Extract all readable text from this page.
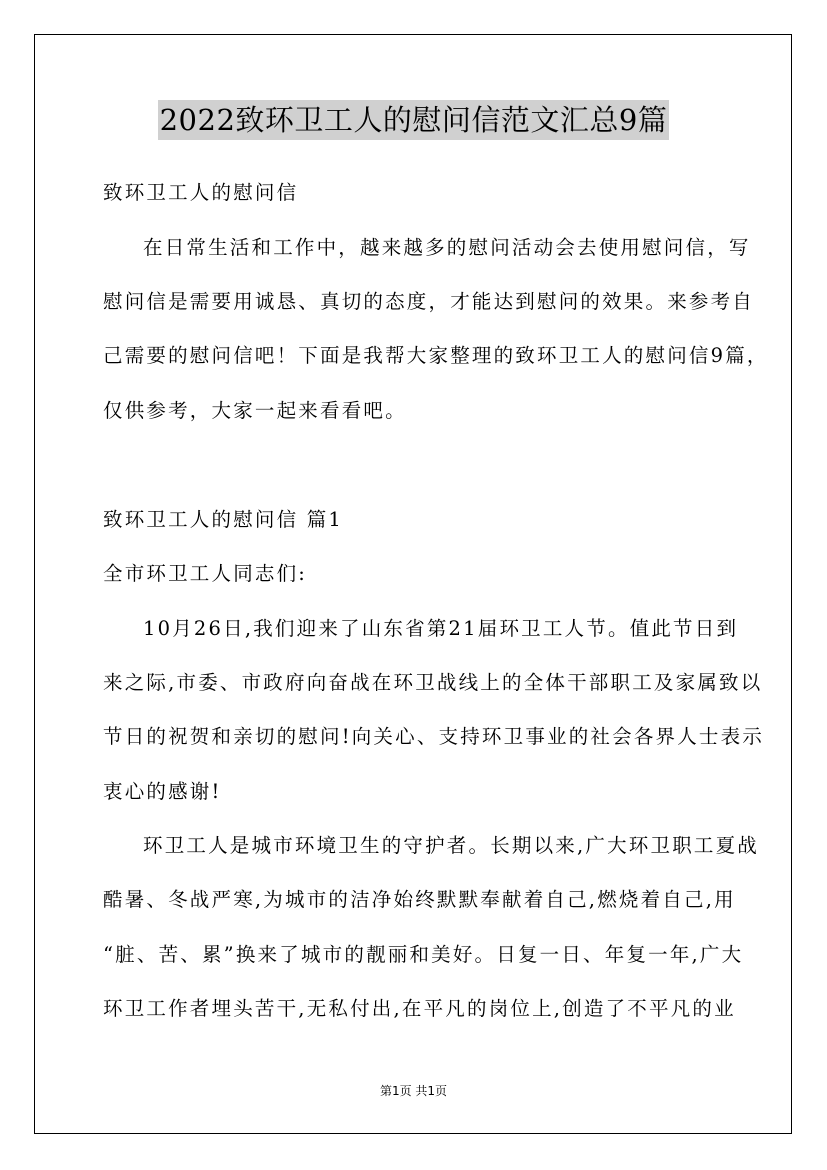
2022致环卫工人的慰问信范文汇总9篇
致环卫工人的慰问信
在日常生活和工作中，越来越多的慰问活动会去使用慰问信，写
慰问信是需要用诚恳、真切的态度，才能达到慰问的效果。来参考自
己需要的慰问信吧！下面是我帮大家整理的致环卫工人的慰问信9篇，
仅供参考，大家一起来看看吧。
致环卫工人的慰问信 篇1
全市环卫工人同志们:
10月26日,我们迎来了山东省第21届环卫工人节。值此节日到
来之际,市委、市政府向奋战在环卫战线上的全体干部职工及家属致以
节日的祝贺和亲切的慰问!向关心、支持环卫事业的社会各界人士表示
衷心的感谢!
环卫工人是城市环境卫生的守护者。长期以来,广大环卫职工夏战
酷暑、冬战严寒,为城市的洁净始终默默奉献着自己,燃烧着自己,用
“脏、苦、累”换来了城市的靓丽和美好。日复一日、年复一年,广大
环卫工作者埋头苦干,无私付出,在平凡的岗位上,创造了不平凡的业
第1页 共1页
